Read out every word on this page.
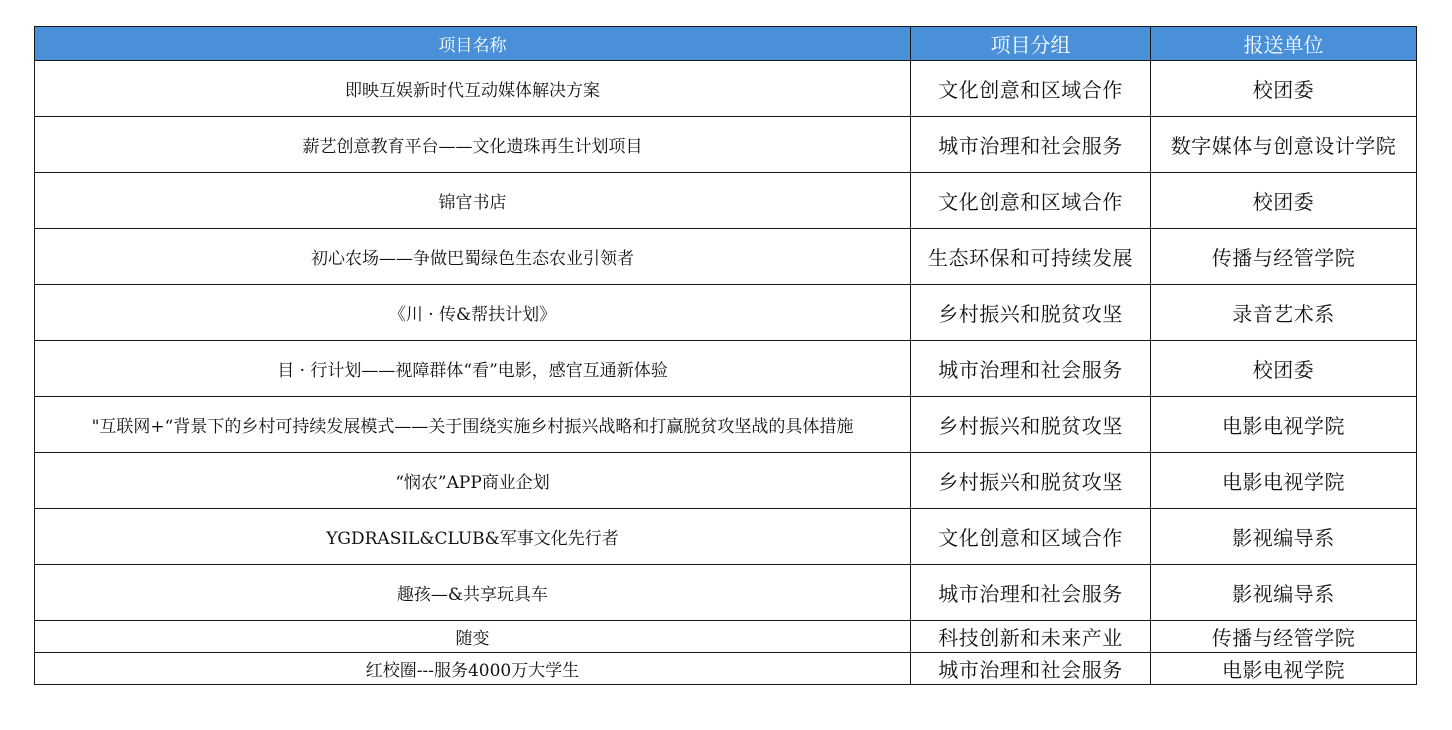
项目名称	项目分组	报送单位
即映互娱新时代互动媒体解决方案	文化创意和区域合作	校团委
薪艺创意教育平台——文化遗珠再生计划项目	城市治理和社会服务	数字媒体与创意设计学院
锦官书店	文化创意和区域合作	校团委
初心农场——争做巴蜀绿色生态农业引领者	生态环保和可持续发展	传播与经管学院
《川 · 传&帮扶计划》	乡村振兴和脱贫攻坚	录音艺术系
目 · 行计划——视障群体“看”电影，感官互通新体验	城市治理和社会服务	校团委
"互联网+“背景下的乡村可持续发展模式——关于围绕实施乡村振兴战略和打赢脱贫攻坚战的具体措施	乡村振兴和脱贫攻坚	电影电视学院
“悯农”APP商业企划	乡村振兴和脱贫攻坚	电影电视学院
YGDRASIL&CLUB&军事文化先行者	文化创意和区域合作	影视编导系
趣孩—&共享玩具车	城市治理和社会服务	影视编导系
随变	科技创新和未来产业	传播与经管学院
红校圈---服务4000万大学生	城市治理和社会服务	电影电视学院
